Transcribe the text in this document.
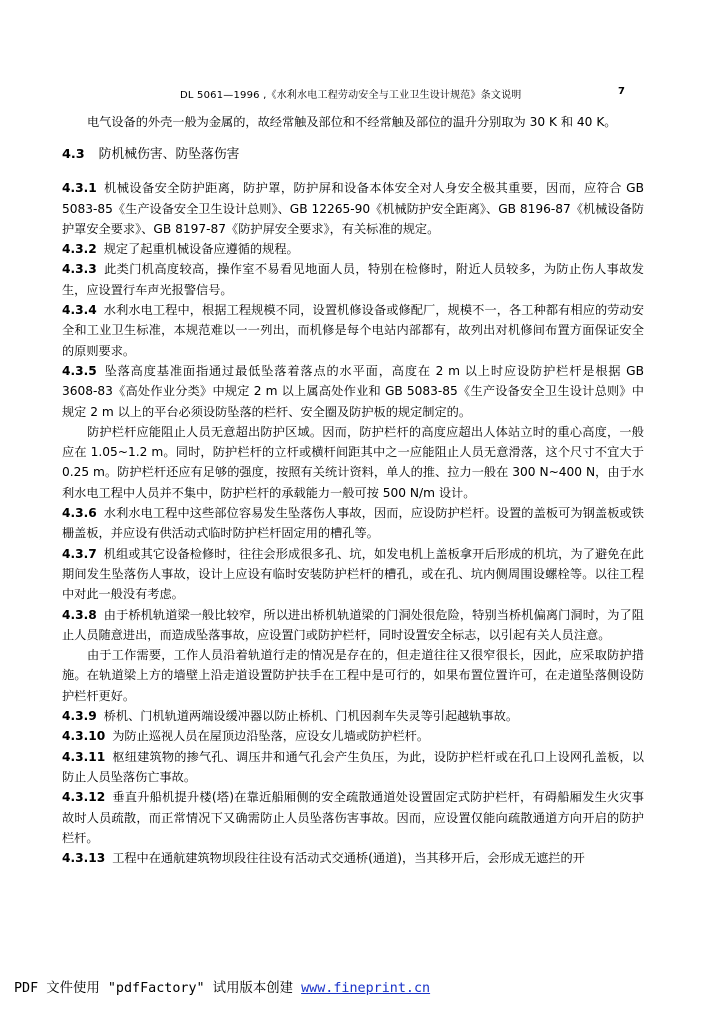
DL 5061—1996 ,《水利水电工程劳动安全与工业卫生设计规范》条文说明	7

电气设备的外壳一般为金属的，故经常触及部位和不经常触及部位的温升分别取为 30 K 和 40 K。

4.3 防机械伤害、防坠落伤害

4.3.1 机械设备安全防护距离，防护罩，防护屏和设备本体安全对人身安全极其重要，因而，应符合 GB 5083-85《生产设备安全卫生设计总则》、GB 12265-90《机械防护安全距离》、GB 8196-87《机械设备防护罩安全要求》、GB 8197-87《防护屏安全要求》，有关标准的规定。

4.3.2 规定了起重机械设备应遵循的规程。

4.3.3 此类门机高度较高，操作室不易看见地面人员，特别在检修时，附近人员较多，为防止伤人事故发生，应设置行车声光报警信号。

4.3.4 水利水电工程中，根据工程规模不同，设置机修设备或修配厂，规模不一，各工种都有相应的劳动安全和工业卫生标准，本规范难以一一列出，而机修是每个电站内部都有，故列出对机修间布置方面保证安全的原则要求。

4.3.5 坠落高度基准面指通过最低坠落着落点的水平面，高度在 2 m 以上时应设防护栏杆是根据 GB 3608-83《高处作业分类》中规定 2 m 以上属高处作业和 GB 5083-85《生产设备安全卫生设计总则》中规定 2 m 以上的平台必须设防坠落的栏杆、安全圈及防护板的规定制定的。

防护栏杆应能阻止人员无意超出防护区域。因而，防护栏杆的高度应超出人体站立时的重心高度，一般应在 1.05~1.2 m。同时，防护栏杆的立杆或横杆间距其中之一应能阻止人员无意滑落，这个尺寸不宜大于 0.25 m。防护栏杆还应有足够的强度，按照有关统计资料，单人的推、拉力一般在 300 N~400 N，由于水利水电工程中人员并不集中，防护栏杆的承载能力一般可按 500 N/m 设计。

4.3.6 水利水电工程中这些部位容易发生坠落伤人事故，因而，应设防护栏杆。设置的盖板可为钢盖板或铁栅盖板，并应设有供活动式临时防护栏杆固定用的槽孔等。

4.3.7 机组或其它设备检修时，往往会形成很多孔、坑，如发电机上盖板拿开后形成的机坑，为了避免在此期间发生坠落伤人事故，设计上应设有临时安装防护栏杆的槽孔，或在孔、坑内侧周围设螺栓等。以往工程中对此一般没有考虑。

4.3.8 由于桥机轨道梁一般比较窄，所以进出桥机轨道梁的门洞处很危险，特别当桥机偏离门洞时，为了阻止人员随意进出，而造成坠落事故，应设置门或防护栏杆，同时设置安全标志，以引起有关人员注意。

由于工作需要，工作人员沿着轨道行走的情况是存在的，但走道往往又很窄很长，因此，应采取防护措施。在轨道梁上方的墙壁上沿走道设置防护扶手在工程中是可行的，如果布置位置许可，在走道坠落侧设防护栏杆更好。

4.3.9 桥机、门机轨道两端设缓冲器以防止桥机、门机因刹车失灵等引起越轨事故。

4.3.10 为防止巡视人员在屋顶边沿坠落，应设女儿墙或防护栏杆。

4.3.11 枢纽建筑物的掺气孔、调压井和通气孔会产生负压，为此，设防护栏杆或在孔口上设网孔盖板，以防止人员坠落伤亡事故。

4.3.12 垂直升船机提升楼(塔)在靠近船厢侧的安全疏散通道处设置固定式防护栏杆，有碍船厢发生火灾事故时人员疏散，而正常情况下又确需防止人员坠落伤害事故。因而，应设置仅能向疏散通道方向开启的防护栏杆。

4.3.13 工程中在通航建筑物坝段往往设有活动式交通桥(通道)，当其移开后，会形成无遮拦的开

PDF 文件使用 "pdfFactory" 试用版本创建 www.fineprint.cn
